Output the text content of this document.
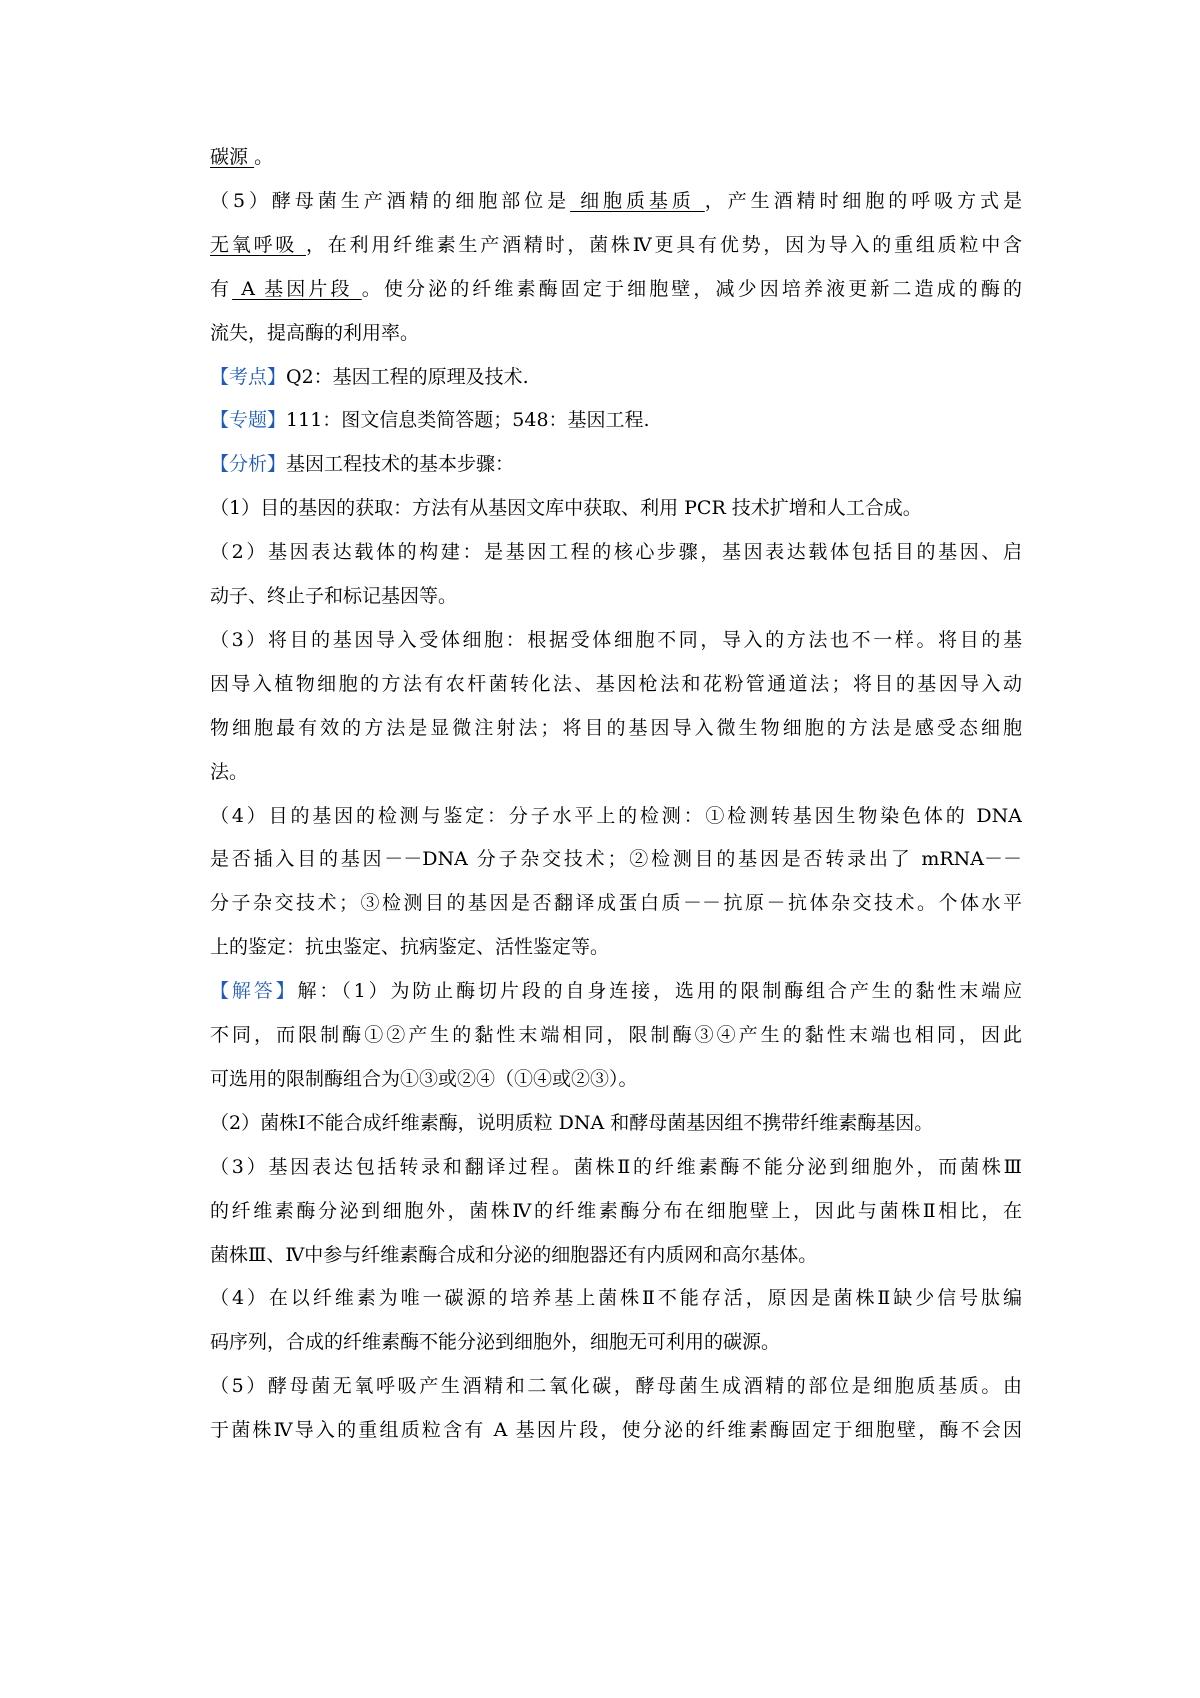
碳源 。
（5）酵母菌生产酒精的细胞部位是 细胞质基质 ，产生酒精时细胞的呼吸方式是
无氧呼吸 ，在利用纤维素生产酒精时，菌株Ⅳ更具有优势，因为导入的重组质粒中含
有 A 基因片段 。使分泌的纤维素酶固定于细胞壁，减少因培养液更新二造成的酶的
流失，提高酶的利用率。
【考点】Q2：基因工程的原理及技术.
【专题】111：图文信息类简答题；548：基因工程.
【分析】基因工程技术的基本步骤：
（1）目的基因的获取：方法有从基因文库中获取、利用 PCR 技术扩增和人工合成。
（2）基因表达载体的构建：是基因工程的核心步骤，基因表达载体包括目的基因、启
动子、终止子和标记基因等。
（3）将目的基因导入受体细胞：根据受体细胞不同，导入的方法也不一样。将目的基
因导入植物细胞的方法有农杆菌转化法、基因枪法和花粉管通道法；将目的基因导入动
物细胞最有效的方法是显微注射法；将目的基因导入微生物细胞的方法是感受态细胞
法。
（4）目的基因的检测与鉴定：分子水平上的检测：①检测转基因生物染色体的 DNA
是否插入目的基因－－DNA 分子杂交技术；②检测目的基因是否转录出了 mRNA－－
分子杂交技术；③检测目的基因是否翻译成蛋白质－－抗原－抗体杂交技术。个体水平
上的鉴定：抗虫鉴定、抗病鉴定、活性鉴定等。
【解答】解：（1）为防止酶切片段的自身连接，选用的限制酶组合产生的黏性末端应
不同，而限制酶①②产生的黏性末端相同，限制酶③④产生的黏性末端也相同，因此
可选用的限制酶组合为①③或②④（①④或②③）。
（2）菌株Ⅰ不能合成纤维素酶，说明质粒 DNA 和酵母菌基因组不携带纤维素酶基因。
（3）基因表达包括转录和翻译过程。菌株Ⅱ的纤维素酶不能分泌到细胞外，而菌株Ⅲ
的纤维素酶分泌到细胞外，菌株Ⅳ的纤维素酶分布在细胞壁上，因此与菌株Ⅱ相比，在
菌株Ⅲ、Ⅳ中参与纤维素酶合成和分泌的细胞器还有内质网和高尔基体。
（4）在以纤维素为唯一碳源的培养基上菌株Ⅱ不能存活，原因是菌株Ⅱ缺少信号肽编
码序列，合成的纤维素酶不能分泌到细胞外，细胞无可利用的碳源。
（5）酵母菌无氧呼吸产生酒精和二氧化碳，酵母菌生成酒精的部位是细胞质基质。由
于菌株Ⅳ导入的重组质粒含有 A 基因片段，使分泌的纤维素酶固定于细胞壁，酶不会因
